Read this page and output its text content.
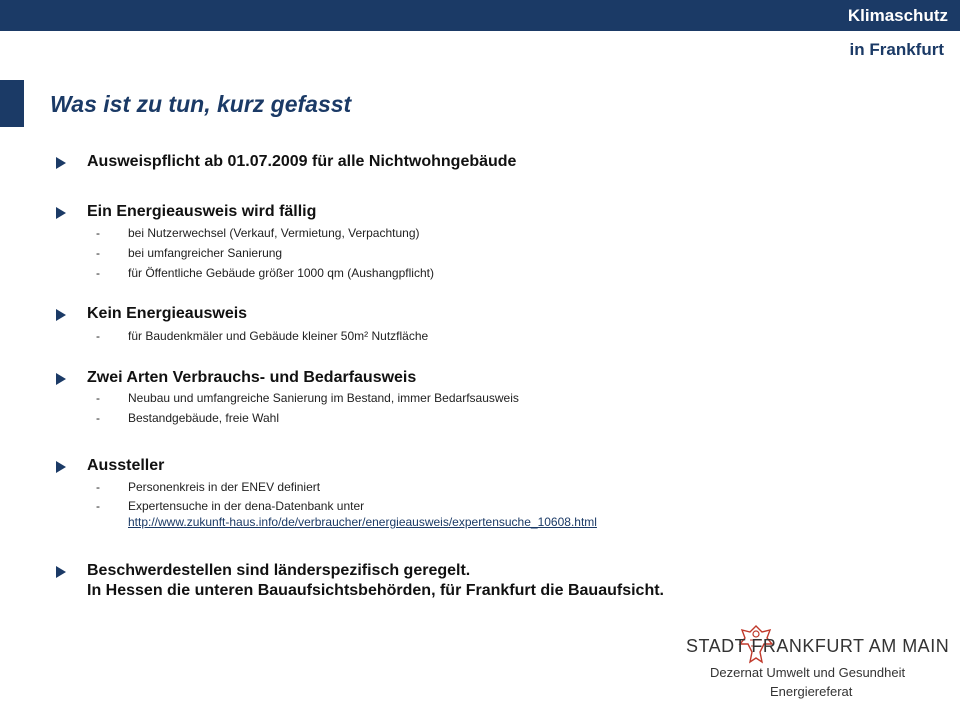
Klimaschutz
in Frankfurt
Was ist zu tun, kurz gefasst
Ausweispflicht ab 01.07.2009 für alle Nichtwohngebäude
Ein Energieausweis wird fällig
- bei Nutzerwechsel (Verkauf, Vermietung, Verpachtung)
- bei umfangreicher Sanierung
- für Öffentliche Gebäude größer 1000 qm (Aushangpflicht)
Kein Energieausweis
- für Baudenkmäler und Gebäude kleiner 50m² Nutzfläche
Zwei Arten Verbrauchs- und Bedarfausweis
- Neubau und umfangreiche Sanierung im Bestand, immer Bedarfsausweis
- Bestandgebäude, freie Wahl
Aussteller
- Personenkreis in der ENEV definiert
- Expertensuche in der dena-Datenbank unter
http://www.zukunft-haus.info/de/verbraucher/energieausweis/expertensuche_10608.html
Beschwerdestellen sind länderspezifisch geregelt.
In Hessen die unteren Bauaufsichtsbehörden, für Frankfurt die Bauaufsicht.
STADT FRANKFURT AM MAIN
Dezernat Umwelt und Gesundheit
Energiereferat
